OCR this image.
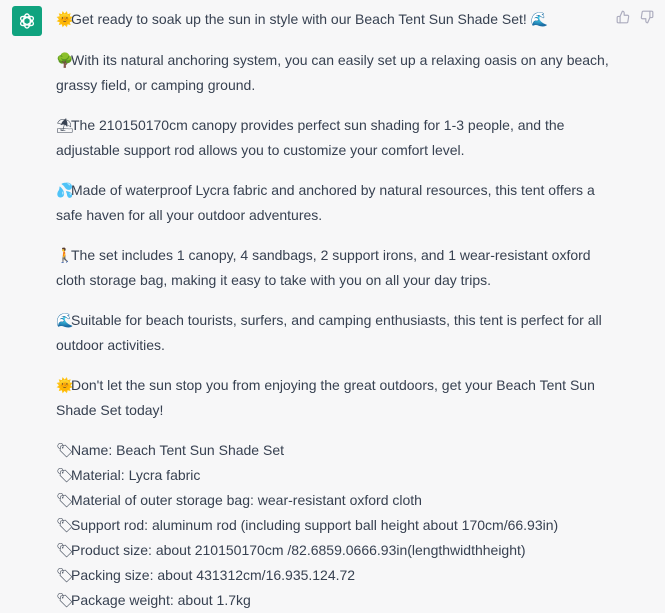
🌞Get ready to soak up the sun in style with our Beach Tent Sun Shade Set! 🌊

🌳With its natural anchoring system, you can easily set up a relaxing oasis on any beach, grassy field, or camping ground.

⛱The 210150170cm canopy provides perfect sun shading for 1-3 people, and the adjustable support rod allows you to customize your comfort level.

💦Made of waterproof Lycra fabric and anchored by natural resources, this tent offers a safe haven for all your outdoor adventures.

🚶The set includes 1 canopy, 4 sandbags, 2 support irons, and 1 wear-resistant oxford cloth storage bag, making it easy to take with you on all your day trips.

🌊Suitable for beach tourists, surfers, and camping enthusiasts, this tent is perfect for all outdoor activities.

🌞Don't let the sun stop you from enjoying the great outdoors, get your Beach Tent Sun Shade Set today!

🏷Name: Beach Tent Sun Shade Set
🏷Material: Lycra fabric
🏷Material of outer storage bag: wear-resistant oxford cloth
🏷Support rod: aluminum rod (including support ball height about 170cm/66.93in)
🏷Product size: about 210150170cm /82.6859.0666.93in(lengthwidthheight)
🏷Packing size: about 431312cm/16.935.124.72
🏷Package weight: about 1.7kg
